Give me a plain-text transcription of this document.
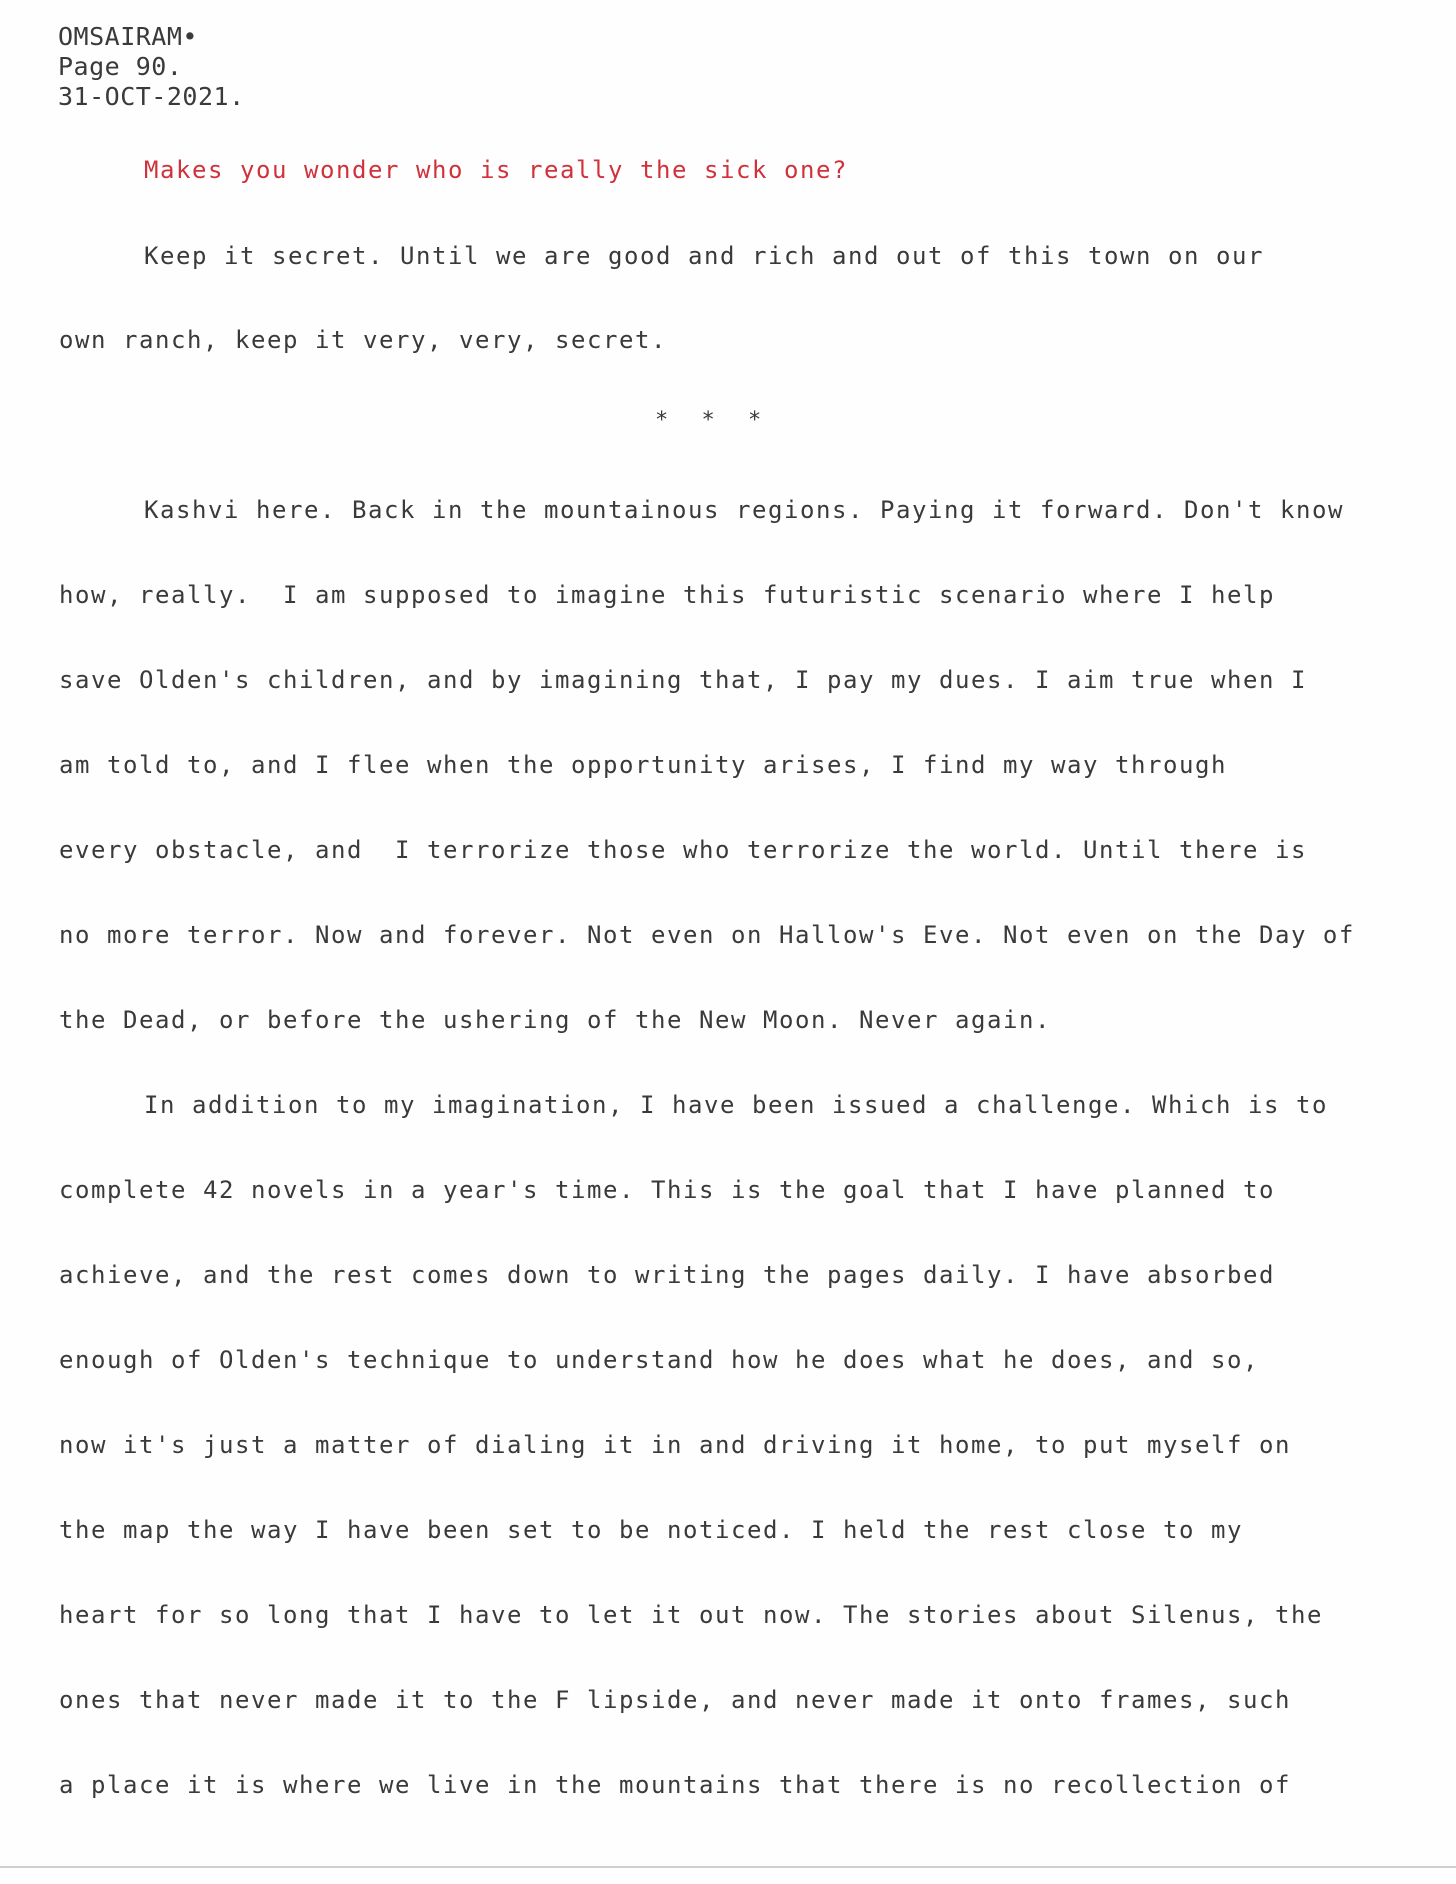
OMSAIRAM•
Page 90.
31-OCT-2021.
Makes you wonder who is really the sick one?
Keep it secret. Until we are good and rich and out of this town on our
own ranch, keep it very, very, secret.
* * *
Kashvi here. Back in the mountainous regions. Paying it forward. Don't know
how, really.  I am supposed to imagine this futuristic scenario where I help
save Olden's children, and by imagining that, I pay my dues. I aim true when I
am told to, and I flee when the opportunity arises, I find my way through
every obstacle, and  I terrorize those who terrorize the world. Until there is
no more terror. Now and forever. Not even on Hallow's Eve. Not even on the Day of
the Dead, or before the ushering of the New Moon. Never again.
In addition to my imagination, I have been issued a challenge. Which is to
complete 42 novels in a year's time. This is the goal that I have planned to
achieve, and the rest comes down to writing the pages daily. I have absorbed
enough of Olden's technique to understand how he does what he does, and so,
now it's just a matter of dialing it in and driving it home, to put myself on
the map the way I have been set to be noticed. I held the rest close to my
heart for so long that I have to let it out now. The stories about Silenus, the
ones that never made it to the F lipside, and never made it onto frames, such
a place it is where we live in the mountains that there is no recollection of
